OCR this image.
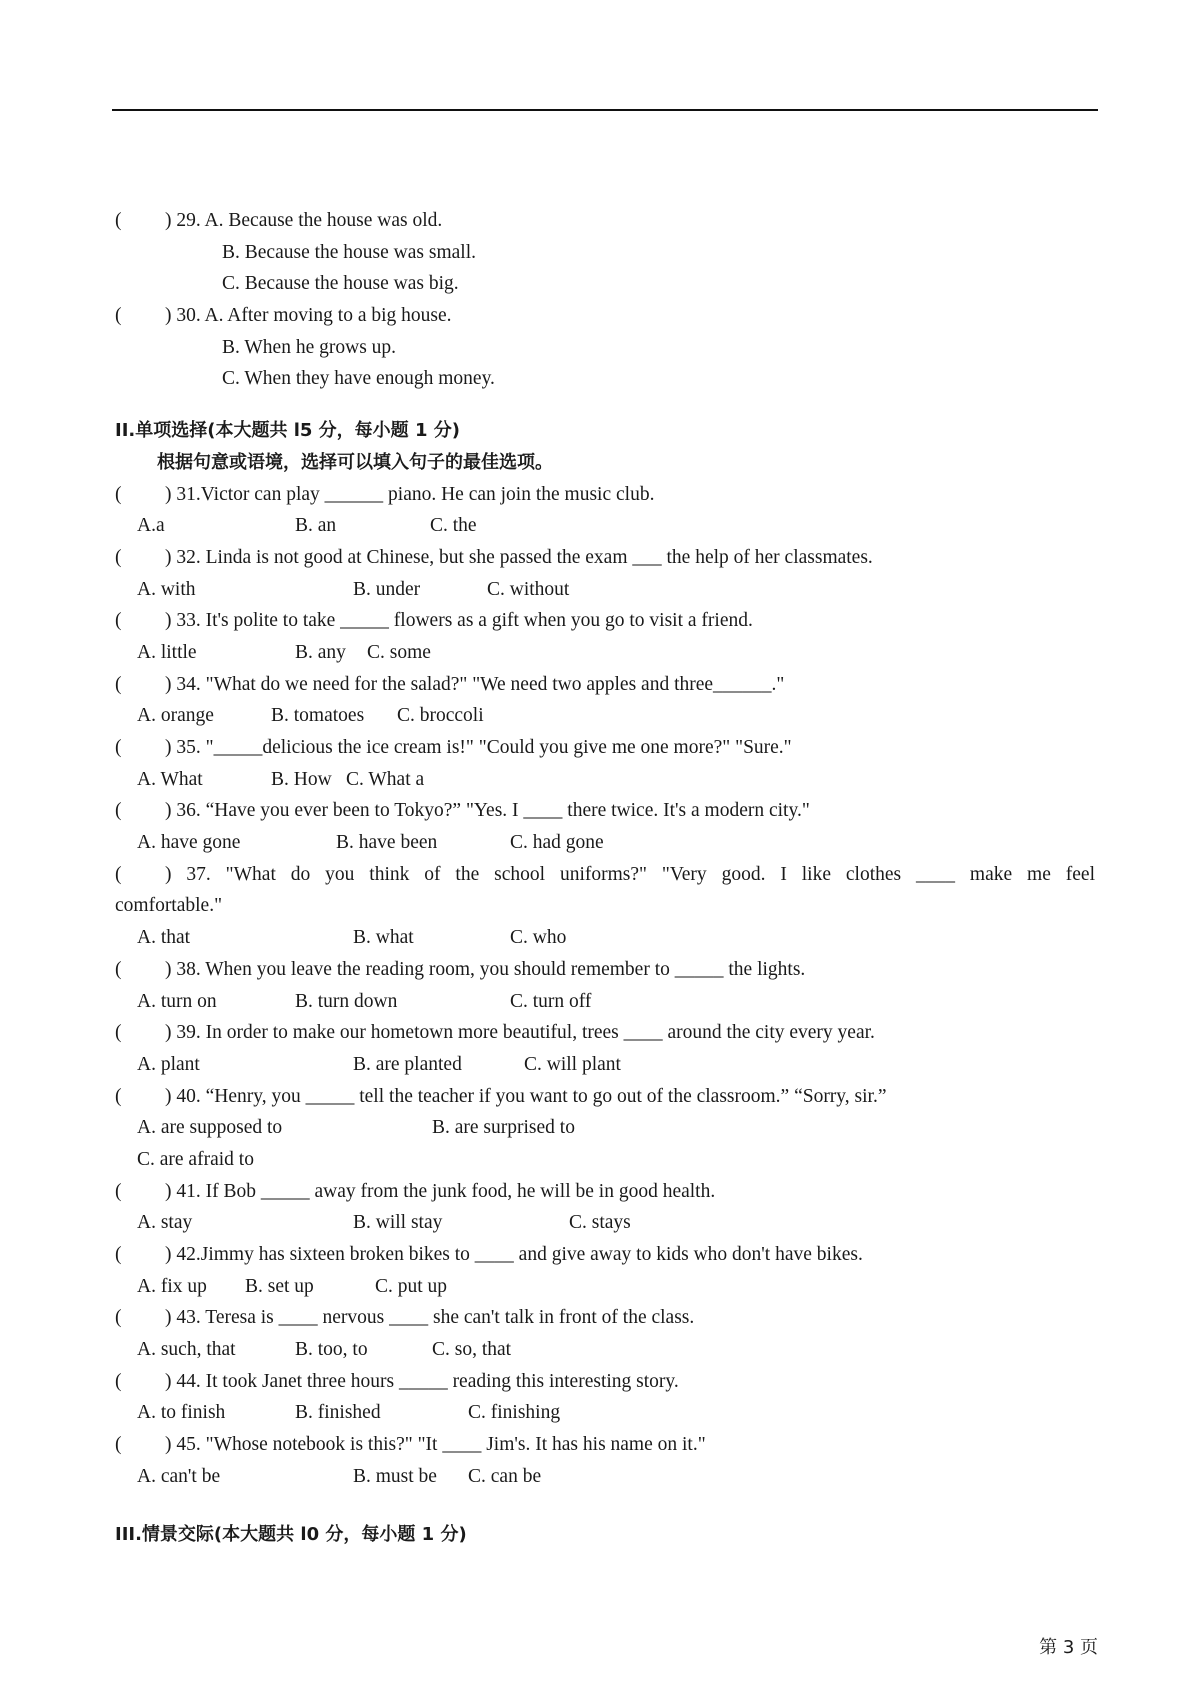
( ) 29. A. Because the house was old.
B. Because the house was small.
C. Because the house was big.
( ) 30. A. After moving to a big house.
B. When he grows up.
C. When they have enough money.
II.单项选择(本大题共 l5 分，每小题 1 分)
根据句意或语境，选择可以填入句子的最佳选项。
( ) 31.Victor can play ______ piano. He can join the music club.
A.a	B. an	C. the
( ) 32. Linda is not good at Chinese, but she passed the exam ___ the help of her classmates.
A. with	B. under	C. without
( ) 33. It's polite to take _____ flowers as a gift when you go to visit a friend.
A. little	B. any C. some
( ) 34. "What do we need for the salad?" "We need two apples and three______."
A. orange	B. tomatoes C. broccoli
( ) 35. "_____delicious the ice cream is!" "Could you give me one more?" "Sure."
A. What	B. How C. What a
( ) 36. “Have you ever been to Tokyo?” "Yes. I ____ there twice. It's a modern city."
A. have gone	B. have been	C. had gone
( ) 37. "What do you think of the school uniforms?" "Very good. I like clothes ____ make me feel
comfortable."
A. that	B. what	C. who
( ) 38. When you leave the reading room, you should remember to _____ the lights.
A. turn on	B. turn down	C. turn off
( ) 39. In order to make our hometown more beautiful, trees ____ around the city every year.
A. plant	B. are planted	C. will plant
( ) 40. “Henry, you _____ tell the teacher if you want to go out of the classroom.” “Sorry, sir.”
A. are supposed to	B. are surprised to
C. are afraid to
( ) 41. If Bob _____ away from the junk food, he will be in good health.
A. stay	B. will stay	C. stays
( ) 42.Jimmy has sixteen broken bikes to ____ and give away to kids who don't have bikes.
A. fix up B. set up	C. put up
( ) 43. Teresa is ____ nervous ____ she can't talk in front of the class.
A. such, that	B. too, to	C. so, that
( ) 44. It took Janet three hours _____ reading this interesting story.
A. to finish	B. finished	C. finishing
( ) 45. "Whose notebook is this?" "It ____ Jim's. It has his name on it."
A. can't be	B. must be C. can be
III.情景交际(本大题共 l0 分，每小题 1 分)
第 3 页
